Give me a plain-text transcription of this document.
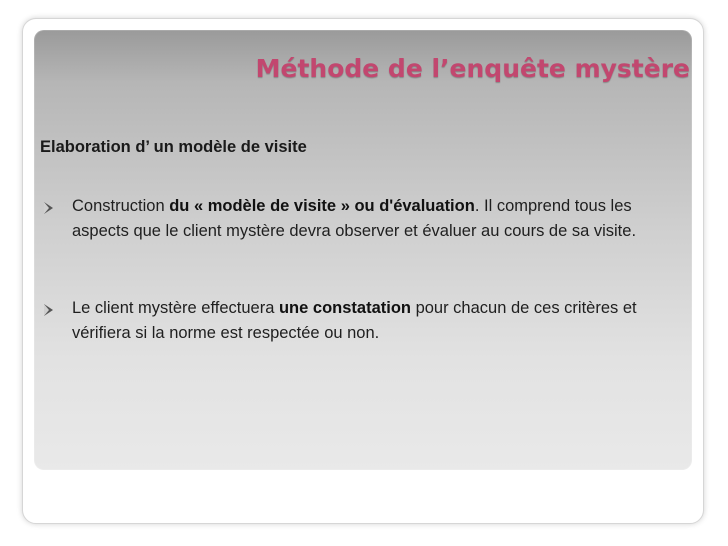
Méthode de l’enquête mystère

Elaboration d’ un modèle de visite

Construction du « modèle de visite » ou d'évaluation. Il comprend tous les aspects que le client mystère devra observer et évaluer au cours de sa visite.
Le client mystère effectuera une constatation pour chacun de ces critères et vérifiera si la norme est respectée ou non.
